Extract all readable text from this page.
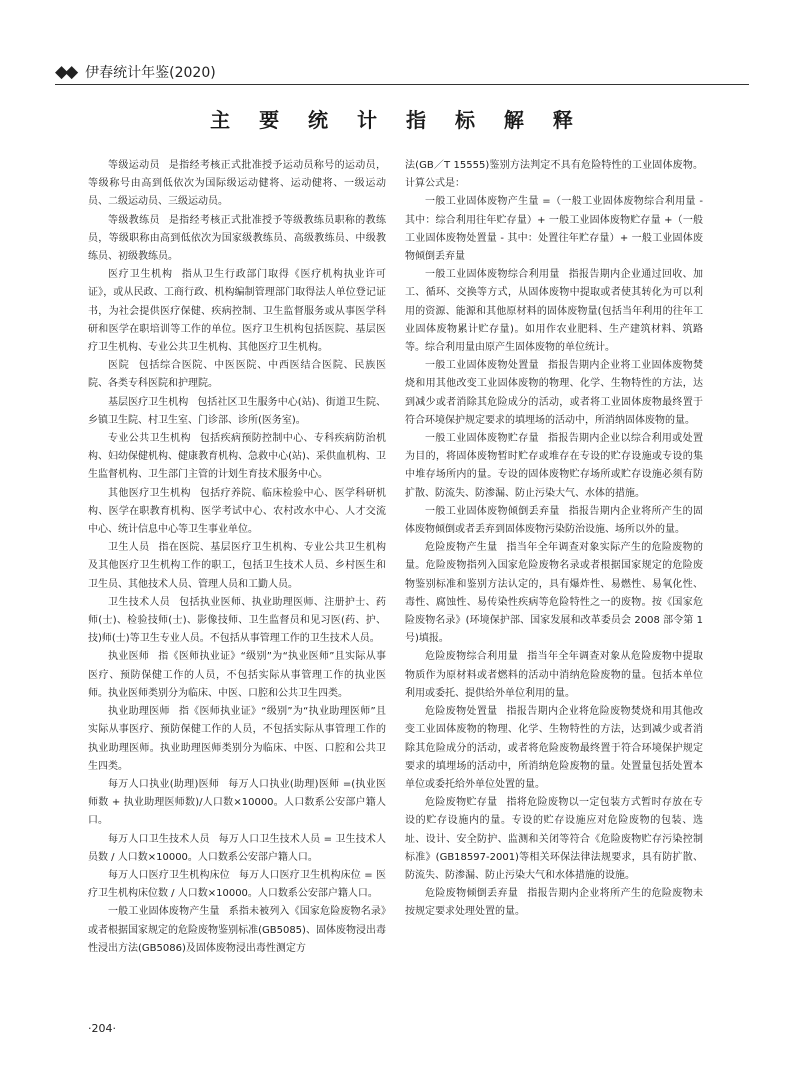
◆◆ 伊春统计年鉴(2020)
主 要 统 计 指 标 解 释

等级运动员 是指经考核正式批准授予运动员称号的运动员，等级称号由高到低依次为国际级运动健将、运动健将、一级运动员、二级运动员、三级运动员。

等级教练员 是指经考核正式批准授予等级教练员职称的教练员，等级职称由高到低依次为国家级教练员、高级教练员、中级教练员、初级教练员。

医疗卫生机构 指从卫生行政部门取得《医疗机构执业许可证》，或从民政、工商行政、机构编制管理部门取得法人单位登记证书，为社会提供医疗保健、疾病控制、卫生监督服务或从事医学科研和医学在职培训等工作的单位。医疗卫生机构包括医院、基层医疗卫生机构、专业公共卫生机构、其他医疗卫生机构。

医院 包括综合医院、中医医院、中西医结合医院、民族医院、各类专科医院和护理院。

基层医疗卫生机构 包括社区卫生服务中心(站)、街道卫生院、乡镇卫生院、村卫生室、门诊部、诊所(医务室)。

专业公共卫生机构 包括疾病预防控制中心、专科疾病防治机构、妇幼保健机构、健康教育机构、急救中心(站)、采供血机构、卫生监督机构、卫生部门主管的计划生育技术服务中心。

其他医疗卫生机构 包括疗养院、临床检验中心、医学科研机构、医学在职教育机构、医学考试中心、农村改水中心、人才交流中心、统计信息中心等卫生事业单位。

卫生人员 指在医院、基层医疗卫生机构、专业公共卫生机构及其他医疗卫生机构工作的职工，包括卫生技术人员、乡村医生和卫生员、其他技术人员、管理人员和工勤人员。

卫生技术人员 包括执业医师、执业助理医师、注册护士、药师(士)、检验技师(士)、影像技师、卫生监督员和见习医(药、护、技)师(士)等卫生专业人员。不包括从事管理工作的卫生技术人员。

执业医师 指《医师执业证》“级别”为“执业医师”且实际从事医疗、预防保健工作的人员，不包括实际从事管理工作的执业医师。执业医师类别分为临床、中医、口腔和公共卫生四类。

执业助理医师 指《医师执业证》“级别”为“执业助理医师”且实际从事医疗、预防保健工作的人员，不包括实际从事管理工作的执业助理医师。执业助理医师类别分为临床、中医、口腔和公共卫生四类。

每万人口执业(助理)医师 每万人口执业(助理)医师 =(执业医师数 + 执业助理医师数)/人口数×10000。人口数系公安部户籍人口。

每万人口卫生技术人员 每万人口卫生技术人员 = 卫生技术人员数 / 人口数×10000。人口数系公安部户籍人口。

每万人口医疗卫生机构床位 每万人口医疗卫生机构床位 = 医疗卫生机构床位数 / 人口数×10000。人口数系公安部户籍人口。

一般工业固体废物产生量 系指未被列入《国家危险废物名录》或者根据国家规定的危险废物鉴别标准(GB5085)、固体废物浸出毒性浸出方法(GB5086)及固体废物浸出毒性测定方

法(GB／T 15555)鉴别方法判定不具有危险特性的工业固体废物。计算公式是：

一般工业固体废物产生量 =（一般工业固体废物综合利用量 - 其中：综合利用往年贮存量）+ 一般工业固体废物贮存量 +（一般工业固体废物处置量 - 其中：处置往年贮存量）+ 一般工业固体废物倾倒丢弃量

一般工业固体废物综合利用量 指报告期内企业通过回收、加工、循环、交换等方式，从固体废物中提取或者使其转化为可以利用的资源、能源和其他原材料的固体废物量(包括当年利用的往年工业固体废物累计贮存量)。如用作农业肥料、生产建筑材料、筑路等。综合利用量由原产生固体废物的单位统计。

一般工业固体废物处置量 指报告期内企业将工业固体废物焚烧和用其他改变工业固体废物的物理、化学、生物特性的方法，达到减少或者消除其危险成分的活动，或者将工业固体废物最终置于符合环境保护规定要求的填埋场的活动中，所消纳固体废物的量。

一般工业固体废物贮存量 指报告期内企业以综合利用或处置为目的，将固体废物暂时贮存或堆存在专设的贮存设施或专设的集中堆存场所内的量。专设的固体废物贮存场所或贮存设施必须有防扩散、防流失、防渗漏、防止污染大气、水体的措施。

一般工业固体废物倾倒丢弃量 指报告期内企业将所产生的固体废物倾倒或者丢弃到固体废物污染防治设施、场所以外的量。

危险废物产生量 指当年全年调查对象实际产生的危险废物的量。危险废物指列入国家危险废物名录或者根据国家规定的危险废物鉴别标准和鉴别方法认定的，具有爆炸性、易燃性、易氧化性、毒性、腐蚀性、易传染性疾病等危险特性之一的废物。按《国家危险废物名录》(环境保护部、国家发展和改革委员会 2008 部令第 1 号)填报。

危险废物综合利用量 指当年全年调查对象从危险废物中提取物质作为原材料或者燃料的活动中消纳危险废物的量。包括本单位利用或委托、提供给外单位利用的量。

危险废物处置量 指报告期内企业将危险废物焚烧和用其他改变工业固体废物的物理、化学、生物特性的方法，达到减少或者消除其危险成分的活动，或者将危险废物最终置于符合环境保护规定要求的填埋场的活动中，所消纳危险废物的量。处置量包括处置本单位或委托给外单位处置的量。

危险废物贮存量 指将危险废物以一定包装方式暂时存放在专设的贮存设施内的量。专设的贮存设施应对危险废物的包装、选址、设计、安全防护、监测和关闭等符合《危险废物贮存污染控制标准》(GB18597-2001)等相关环保法律法规要求，具有防扩散、防流失、防渗漏、防止污染大气和水体措施的设施。

危险废物倾倒丢弃量 指报告期内企业将所产生的危险废物未按规定要求处理处置的量。

·204·
